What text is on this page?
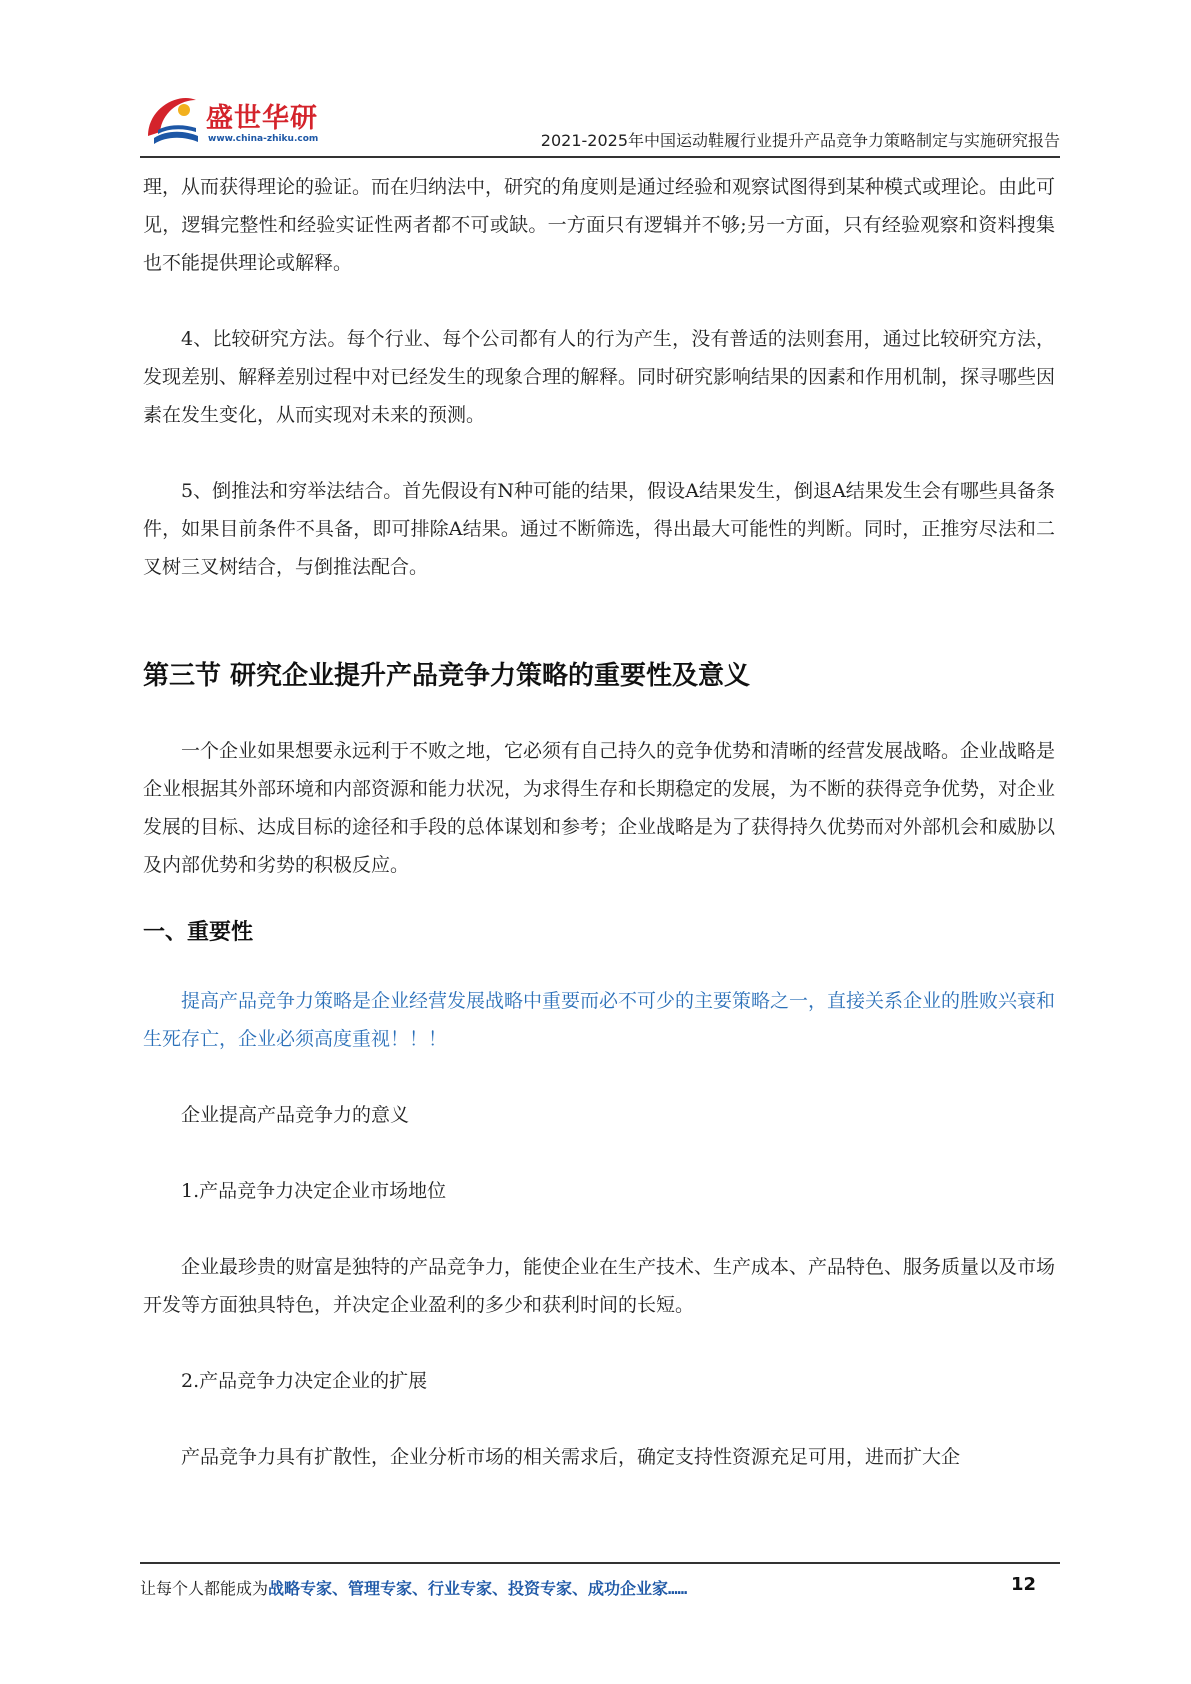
盛世华研
www.china-zhiku.com	2021-2025年中国运动鞋履行业提升产品竞争力策略制定与实施研究报告

理，从而获得理论的验证。而在归纳法中，研究的角度则是通过经验和观察试图得到某种模式或理论。由此可见，逻辑完整性和经验实证性两者都不可或缺。一方面只有逻辑并不够;另一方面，只有经验观察和资料搜集也不能提供理论或解释。

4、比较研究方法。每个行业、每个公司都有人的行为产生，没有普适的法则套用，通过比较研究方法，发现差别、解释差别过程中对已经发生的现象合理的解释。同时研究影响结果的因素和作用机制，探寻哪些因素在发生变化，从而实现对未来的预测。

5、倒推法和穷举法结合。首先假设有N种可能的结果，假设A结果发生，倒退A结果发生会有哪些具备条件，如果目前条件不具备，即可排除A结果。通过不断筛选，得出最大可能性的判断。同时，正推穷尽法和二叉树三叉树结合，与倒推法配合。

第三节 研究企业提升产品竞争力策略的重要性及意义

一个企业如果想要永远利于不败之地，它必须有自己持久的竞争优势和清晰的经营发展战略。企业战略是企业根据其外部环境和内部资源和能力状况，为求得生存和长期稳定的发展，为不断的获得竞争优势，对企业发展的目标、达成目标的途径和手段的总体谋划和参考；企业战略是为了获得持久优势而对外部机会和威胁以及内部优势和劣势的积极反应。

一、重要性

提高产品竞争力策略是企业经营发展战略中重要而必不可少的主要策略之一，直接关系企业的胜败兴衰和生死存亡，企业必须高度重视！！！

企业提高产品竞争力的意义

1.产品竞争力决定企业市场地位

企业最珍贵的财富是独特的产品竞争力，能使企业在生产技术、生产成本、产品特色、服务质量以及市场开发等方面独具特色，并决定企业盈利的多少和获利时间的长短。

2.产品竞争力决定企业的扩展

产品竞争力具有扩散性，企业分析市场的相关需求后，确定支持性资源充足可用，进而扩大企

让每个人都能成为战略专家、管理专家、行业专家、投资专家、成功企业家……	12
